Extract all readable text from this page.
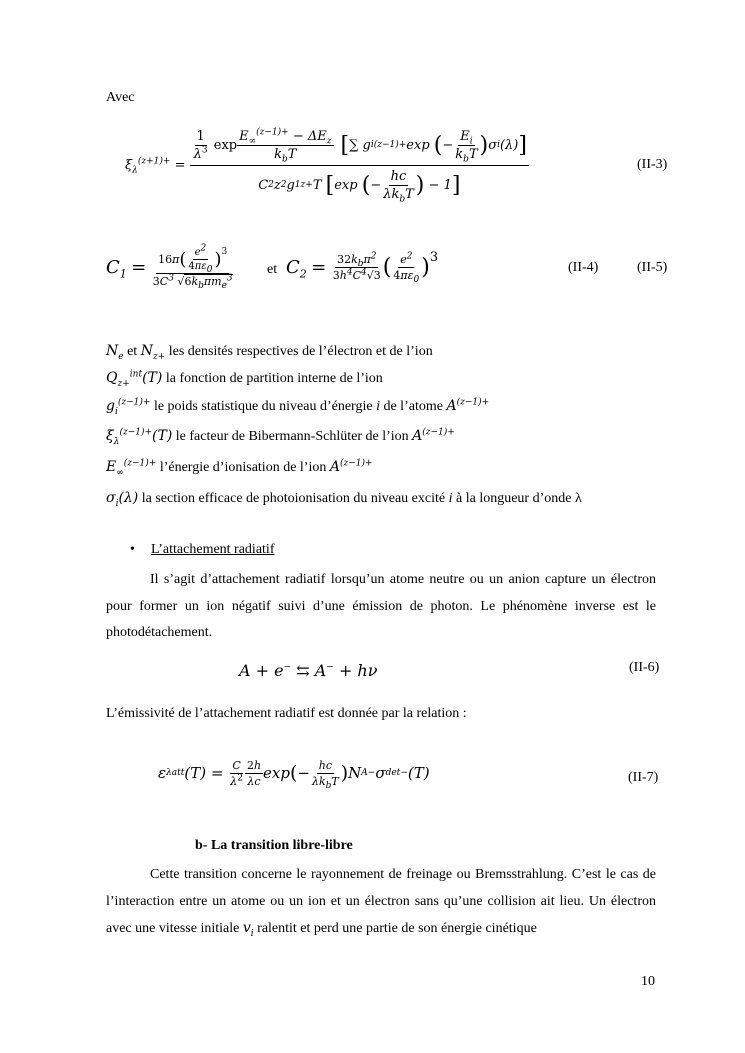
Avec
$\xi_\lambda^{(z+1)+}$
=

$\frac{1}{\lambda^3}$ $\exp \frac{E_\infty^{(z-1)+} - \Delta E_z}{k_bT}$ [ ∑ g i (z−1)+ exp ( − $\frac{E_i}{k_bT}$ ) σ i (λ) ]
C 2 z 2 g 1 z+ T [ exp ( − $\frac{hc}{\lambda k_bT}$ ) − 1 ]
(II-3)
$C_1$
=
$\frac{16 \pi ( \frac{e^2}{4\pi\varepsilon_0} )^3}{3C^3 √6k_b\pi m_e^3}$ et $C_2$
=
$\frac{32k_b\pi^2}{3h^4C^4√3}$ ( $\frac{e^2}{4\pi\varepsilon_0} )^3$
(II-4)	(II-5)
$N_e$ et $N_{z+}$ les densités respectives de l’électron et de l’ion
$Q_{z+}^{int}(T)$ la fonction de partition interne de l’ion
$g_i^{(z-1)+}$ le poids statistique du niveau d’énergie i de l’atome $A^{(z-1)+}$
$\xi_\lambda^{(z-1)+}(T)$ le facteur de Bibermann-Schlüter de l’ion $A^{(z-1)+}$
$E_\infty^{(z-1)+}$ l’énergie d’ionisation de l’ion $A^{(z-1)+}$
$\sigma_i(\lambda)$ la section efficace de photoionisation du niveau excité i à la longueur d’onde λ
• L’attachement radiatif
Il s’agit d’attachement radiatif lorsqu’un atome neutre ou un anion capture un électron pour former un ion négatif suivi d’une émission de photon. Le phénomène inverse est le photodétachement.
A + e− ⇆ A− + hν	(II-6)
L’émissivité de l’attachement radiatif est donnée par la relation :
ε λ att (T) =
$\frac{C}{\lambda^2} \frac{2h}{\lambda c}$ exp ( − $\frac{hc}{\lambda k_bT}$ ) N A− σ det − (T)	(II-7)
b- La transition libre-libre
Cette transition concerne le rayonnement de freinage ou Bremsstrahlung. C’est le cas de l’interaction entre un atome ou un ion et un électron sans qu’une collision ait lieu. Un électron avec une vitesse initiale $v_i$ ralentit et perd une partie de son énergie cinétique
10
